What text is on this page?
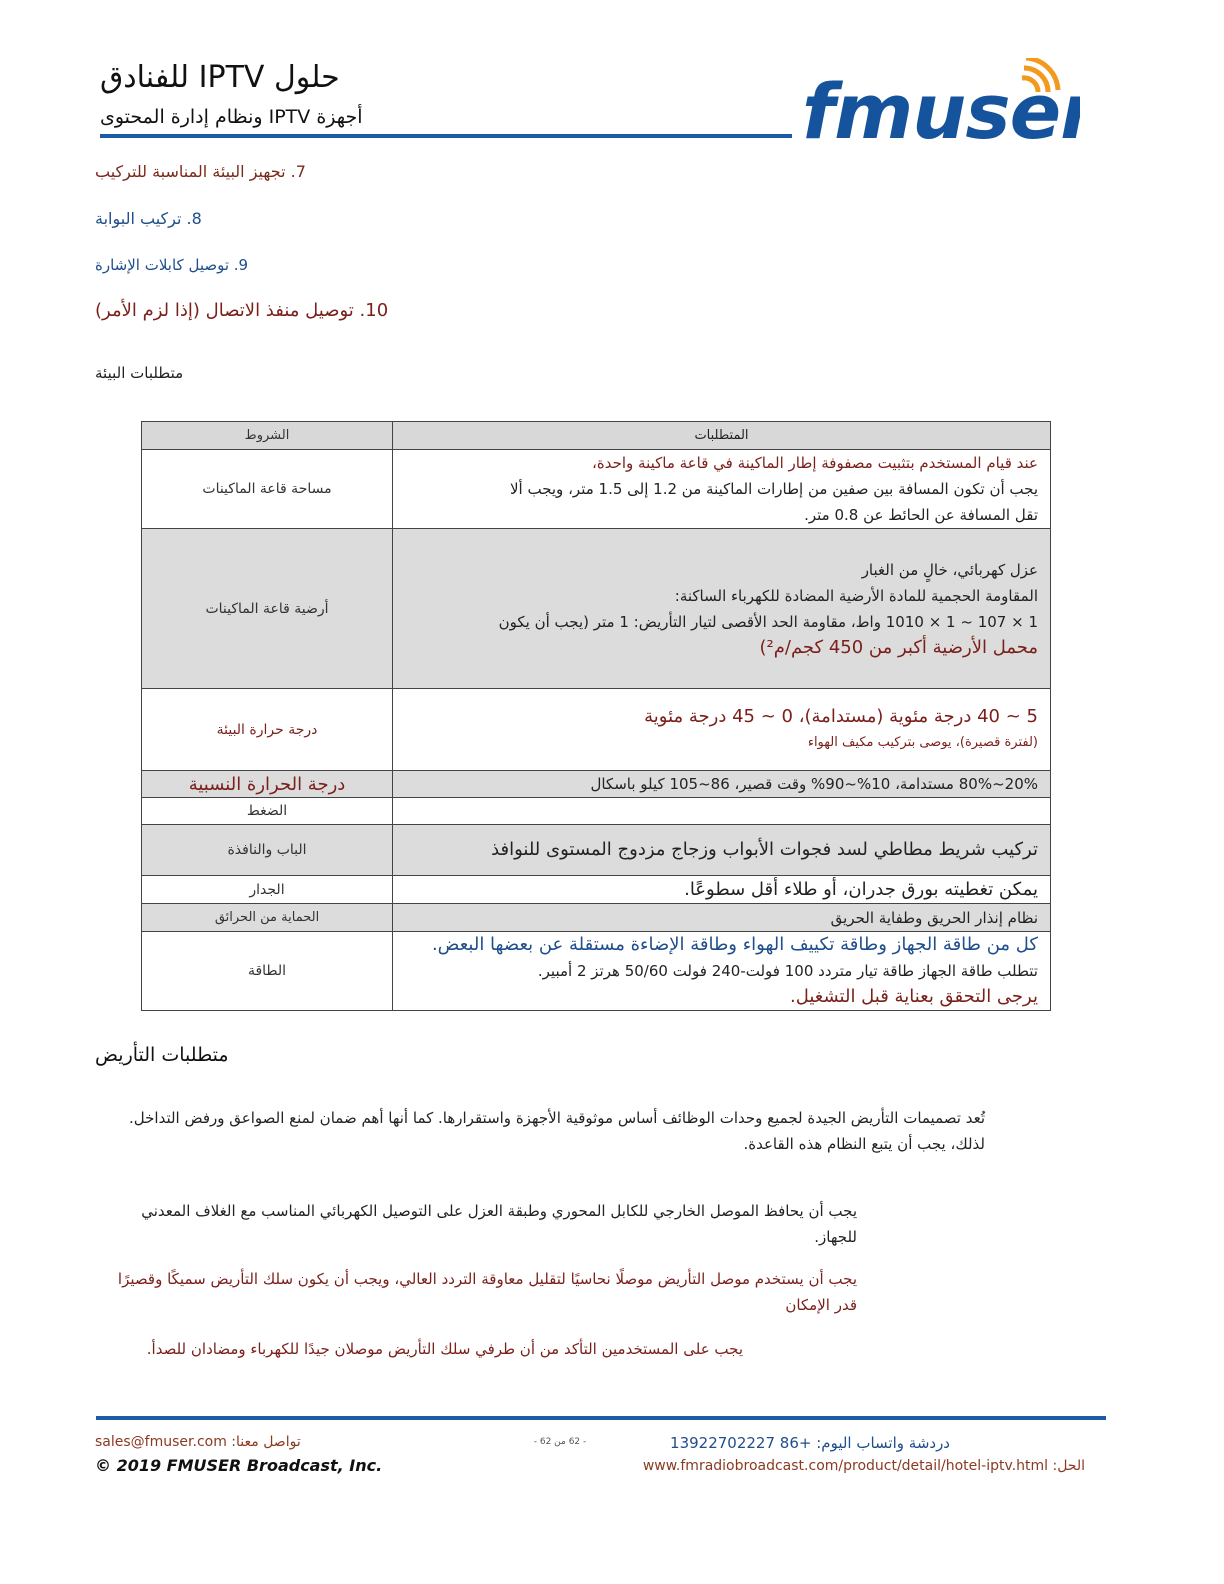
حلول IPTV للفنادق
أجهزة IPTV ونظام إدارة المحتوى	fmuser
7. تجهيز البيئة المناسبة للتركيب
8. تركيب البوابة
9. توصيل كابلات الإشارة
10. توصيل منفذ الاتصال (إذا لزم الأمر)
متطلبات البيئة
الشروط	المتطلبات
مساحة قاعة الماكينات	عند قيام المستخدم بتثبيت مصفوفة إطار الماكينة في قاعة ماكينة واحدة،
يجب أن تكون المسافة بين صفين من إطارات الماكينة من 1.2 إلى 1.5 متر، ويجب ألا
تقل المسافة عن الحائط عن 0.8 متر.

أرضية قاعة الماكينات	عزل كهربائي، خالٍ من الغبار
المقاومة الحجمية للمادة الأرضية المضادة للكهرباء الساكنة:
1 × 107 ~ 1 × 1010 واط، مقاومة الحد الأقصى لتيار التأريض: 1 متر (يجب أن يكون
محمل الأرضية أكبر من 450 كجم/م²)

درجة حرارة البيئة	5 ~ 40 درجة مئوية (مستدامة)، 0 ~ 45 درجة مئوية
(لفترة قصيرة)، يوصى بتركيب مكيف الهواء

درجة الحرارة النسبية	20%~80% مستدامة، 10%~90% وقت قصير، 86~105 كيلو باسكال

الضغط	

الباب والنافذة	تركيب شريط مطاطي لسد فجوات الأبواب وزجاج مزدوج المستوى للنوافذ

الجدار	يمكن تغطيته بورق جدران، أو طلاء أقل سطوعًا.

الحماية من الحرائق	نظام إنذار الحريق وطفاية الحريق

الطاقة	كل من طاقة الجهاز وطاقة تكييف الهواء وطاقة الإضاءة مستقلة عن بعضها البعض.
تتطلب طاقة الجهاز طاقة تيار متردد 100 فولت-240 فولت 50/60 هرتز 2 أمبير.
يرجى التحقق بعناية قبل التشغيل.
متطلبات التأريض
تُعد تصميمات التأريض الجيدة لجميع وحدات الوظائف أساس موثوقية الأجهزة واستقرارها. كما أنها أهم ضمان لمنع الصواعق ورفض التداخل. لذلك، يجب أن يتبع النظام هذه القاعدة.
يجب أن يحافظ الموصل الخارجي للكابل المحوري وطبقة العزل على التوصيل الكهربائي المناسب مع الغلاف المعدني للجهاز.
يجب أن يستخدم موصل التأريض موصلًا نحاسيًا لتقليل معاوقة التردد العالي، ويجب أن يكون سلك التأريض سميكًا وقصيرًا قدر الإمكان
يجب على المستخدمين التأكد من أن طرفي سلك التأريض موصلان جيدًا للكهرباء ومضادان للصدأ.
sales@fmuser.com :تواصل معنا
© 2019 FMUSER Broadcast, Inc.
- 62 من 62 -	دردشة واتساب اليوم: +86 13922702227
الحل: www.fmradiobroadcast.com/product/detail/hotel-iptv.html
